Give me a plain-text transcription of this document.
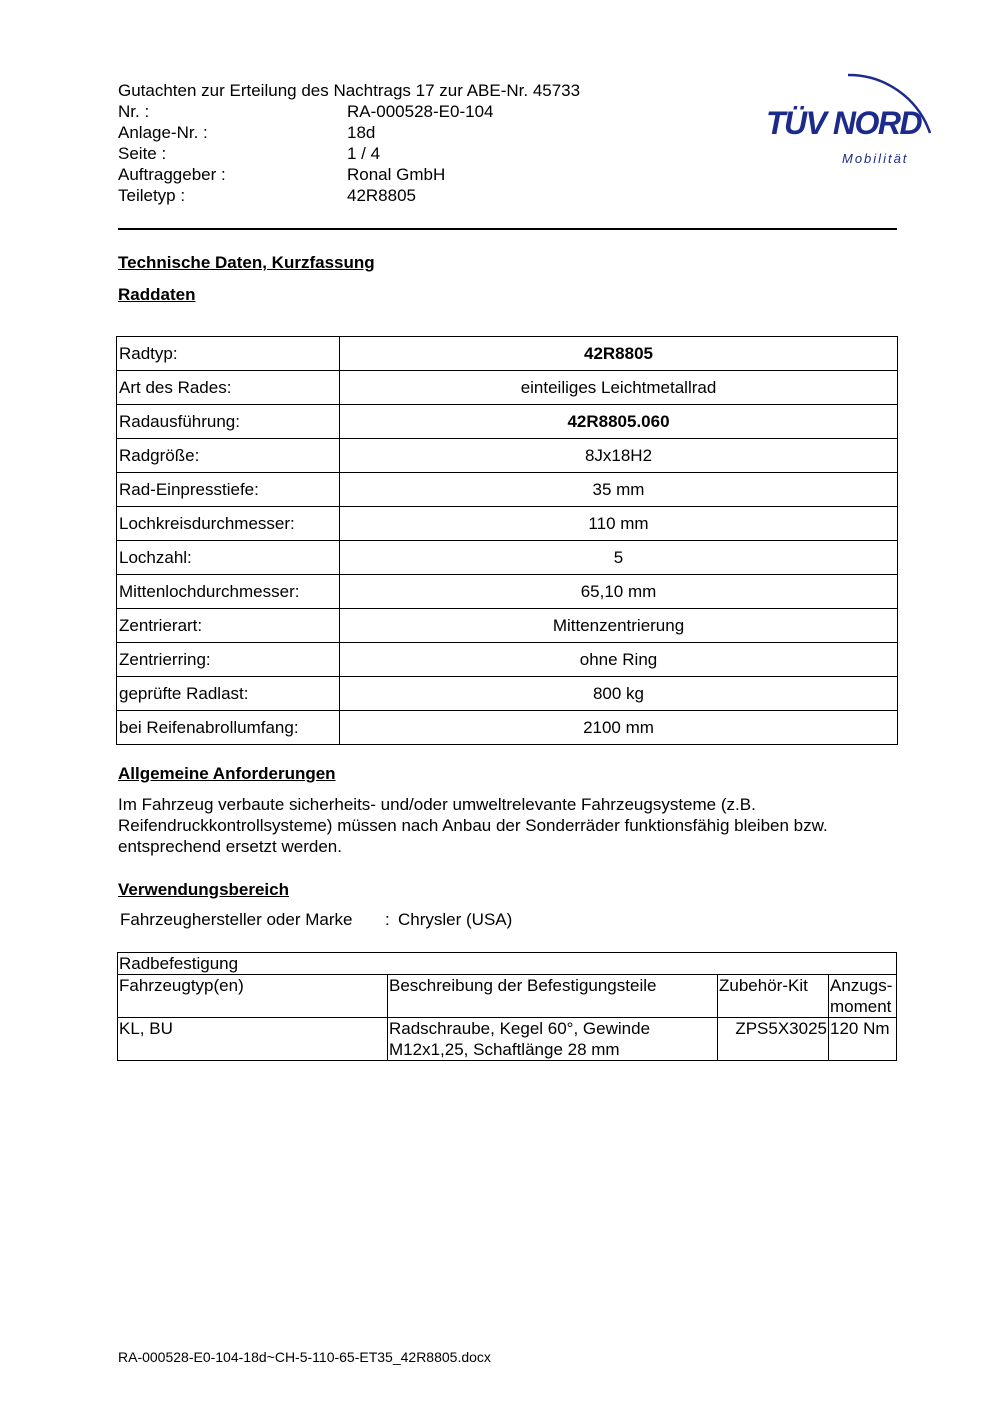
Gutachten zur Erteilung des Nachtrags 17 zur ABE-Nr. 45733
Nr. :	RA-000528-E0-104
Anlage-Nr. :	18d
Seite :	1 / 4
Auftraggeber :	Ronal GmbH
Teiletyp :	42R8805
TÜV NORD
Mobilität
Technische Daten, Kurzfassung
Raddaten
Radtyp:	42R8805
Art des Rades:	einteiliges Leichtmetallrad
Radausführung:	42R8805.060
Radgröße:	8Jx18H2
Rad-Einpresstiefe:	35 mm
Lochkreisdurchmesser:	110 mm
Lochzahl:	5
Mittenlochdurchmesser:	65,10 mm
Zentrierart:	Mittenzentrierung
Zentrierring:	ohne Ring
geprüfte Radlast:	800 kg
bei Reifenabrollumfang:	2100 mm
Allgemeine Anforderungen
Im Fahrzeug verbaute sicherheits- und/oder umweltrelevante Fahrzeugsysteme (z.B. Reifendruckkontrollsysteme) müssen nach Anbau der Sonderräder funktionsfähig bleiben bzw. entsprechend ersetzt werden.
Verwendungsbereich
Fahrzeughersteller oder Marke	: Chrysler (USA)
Radbefestigung			
Fahrzeugtyp(en)	Beschreibung der Befestigungsteile	Zubehör-Kit	Anzugs-moment
KL, BU	Radschraube, Kegel 60°, Gewinde M12x1,25, Schaftlänge 28 mm	ZPS5X3025	120 Nm
RA-000528-E0-104-18d~CH-5-110-65-ET35_42R8805.docx
